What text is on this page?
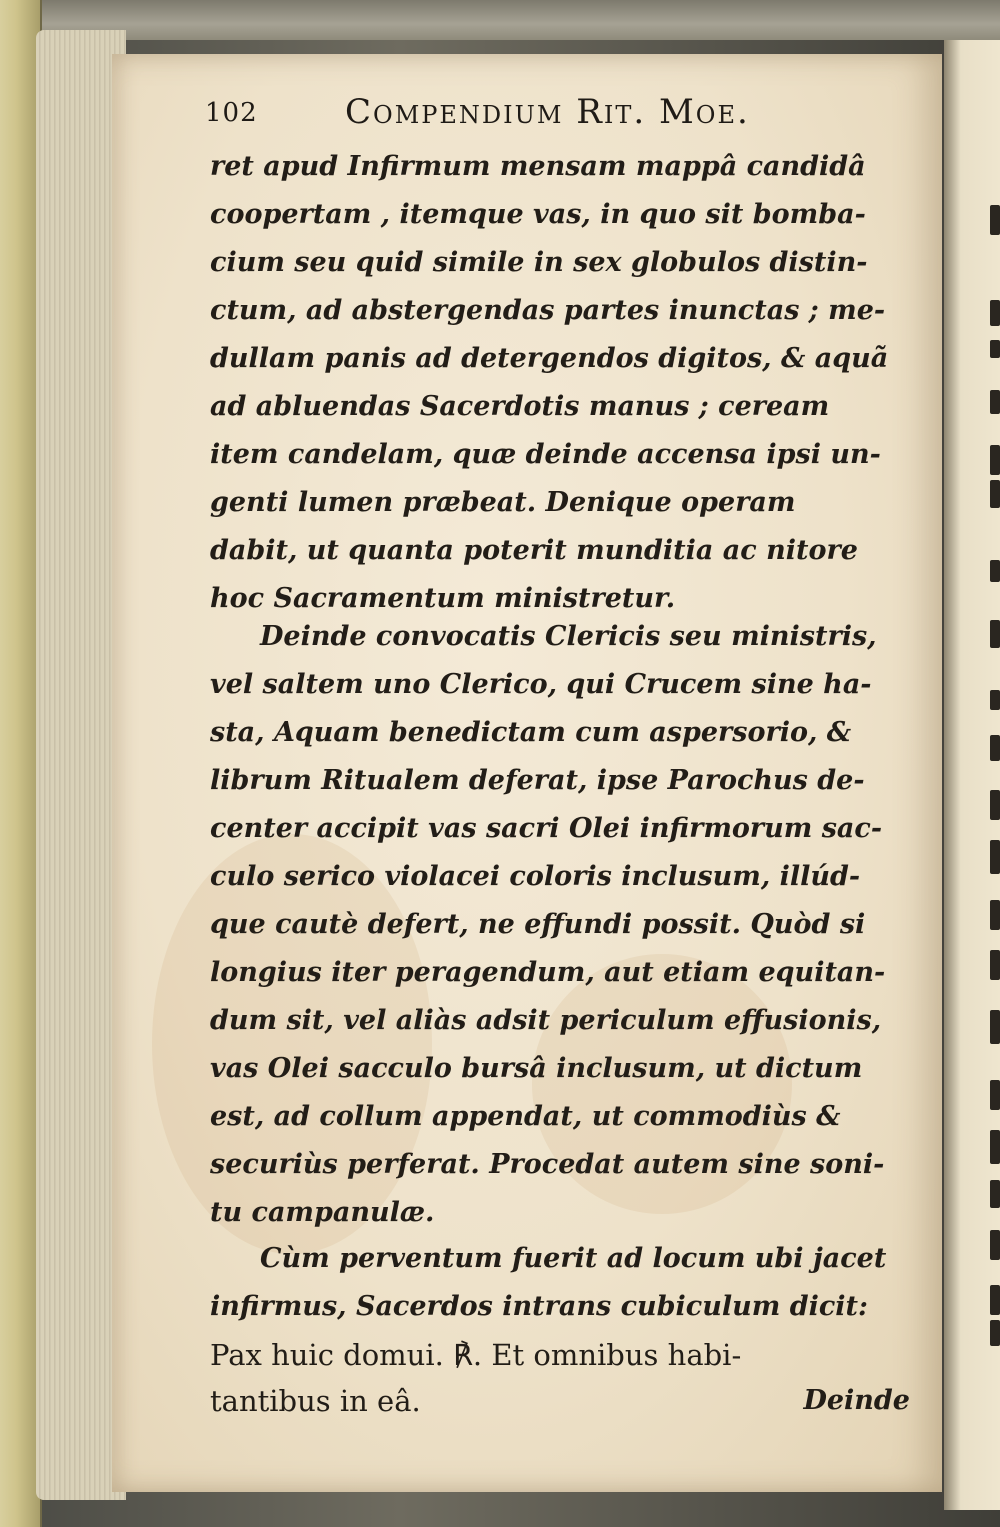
102	Compendium Rit. Moe.
ret apud Infirmum mensam mappâ candidâ
coopertam , itemque vas, in quo sit bomba-
cium seu quid simile in sex globulos distin-
ctum, ad abstergendas partes inunctas ; me-
dullam panis ad detergendos digitos, & aquã
ad abluendas Sacerdotis manus ; ceream
item candelam, quæ deinde accensa ipsi un-
genti lumen præbeat. Denique operam
dabit, ut quanta poterit munditia ac nitore
hoc Sacramentum ministretur.
Deinde convocatis Clericis seu ministris,
vel saltem uno Clerico, qui Crucem sine ha-
sta, Aquam benedictam cum aspersorio, &
librum Ritualem deferat, ipse Parochus de-
center accipit vas sacri Olei infirmorum sac-
culo serico violacei coloris inclusum, illúd-
que cautè defert, ne effundi possit. Quòd si
longius iter peragendum, aut etiam equitan-
dum sit, vel aliàs adsit periculum effusionis,
vas Olei sacculo bursâ inclusum, ut dictum
est, ad collum appendat, ut commodiùs &
securiùs perferat. Procedat autem sine soni-
tu campanulæ.
Cùm perventum fuerit ad locum ubi jacet
infirmus, Sacerdos intrans cubiculum dicit:
Pax huic domui. ℟. Et omnibus habi-
tantibus in eâ.	Deinde
